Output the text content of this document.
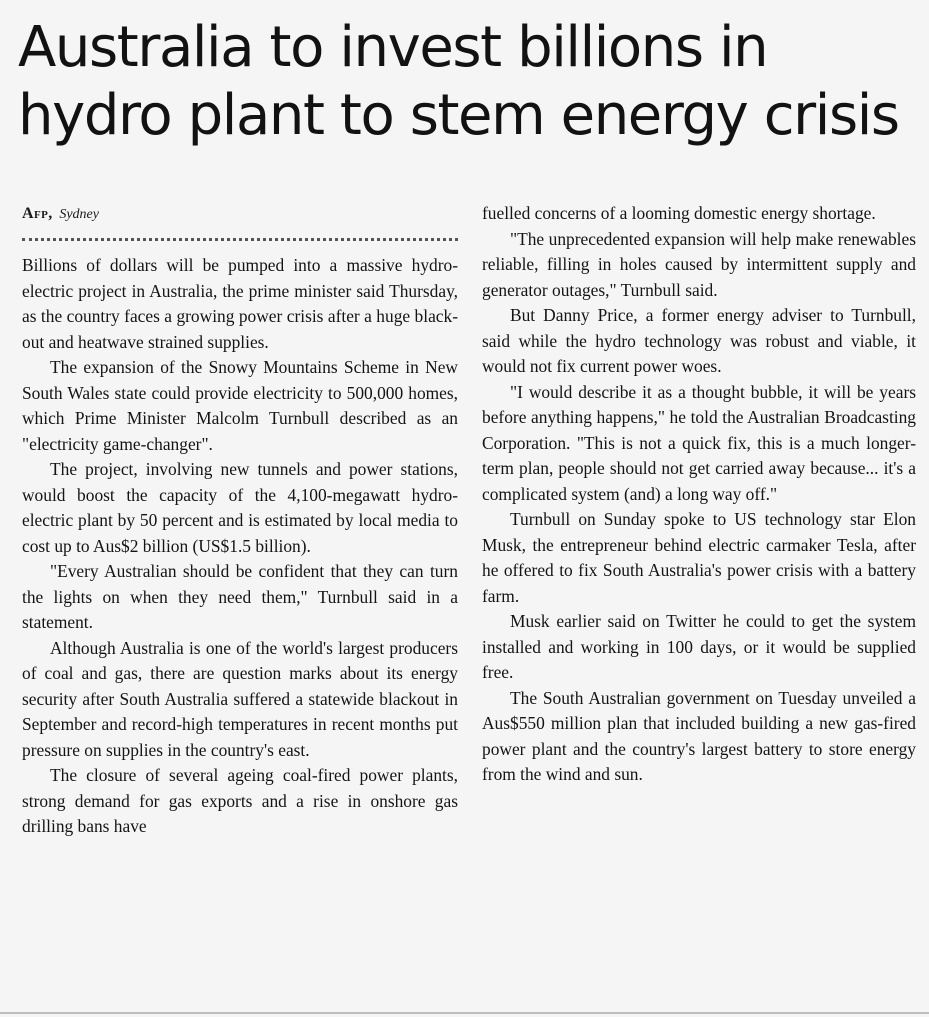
Australia to invest billions in hydro plant to stem energy crisis
Afp, Sydney

Billions of dollars will be pumped into a massive hydro-electric project in Australia, the prime minister said Thursday, as the country faces a growing power crisis after a huge blackout and heatwave strained supplies.

The expansion of the Snowy Mountains Scheme in New South Wales state could provide electricity to 500,000 homes, which Prime Minister Malcolm Turnbull described as an "electricity game-changer".

The project, involving new tunnels and power stations, would boost the capacity of the 4,100-megawatt hydro-electric plant by 50 percent and is estimated by local media to cost up to Aus$2 billion (US$1.5 billion).

"Every Australian should be confident that they can turn the lights on when they need them," Turnbull said in a statement.

Although Australia is one of the world's largest producers of coal and gas, there are question marks about its energy security after South Australia suffered a statewide blackout in September and record-high temperatures in recent months put pressure on supplies in the country's east.

The closure of several ageing coal-fired power plants, strong demand for gas exports and a rise in onshore gas drilling bans have

fuelled concerns of a looming domestic energy shortage.

"The unprecedented expansion will help make renewables reliable, filling in holes caused by intermittent supply and generator outages," Turnbull said.

But Danny Price, a former energy adviser to Turnbull, said while the hydro technology was robust and viable, it would not fix current power woes.

"I would describe it as a thought bubble, it will be years before anything happens," he told the Australian Broadcasting Corporation. "This is not a quick fix, this is a much longer-term plan, people should not get carried away because... it's a complicated system (and) a long way off."

Turnbull on Sunday spoke to US technology star Elon Musk, the entrepreneur behind electric carmaker Tesla, after he offered to fix South Australia's power crisis with a battery farm.

Musk earlier said on Twitter he could to get the system installed and working in 100 days, or it would be supplied free.

The South Australian government on Tuesday unveiled a Aus$550 million plan that included building a new gas-fired power plant and the country's largest battery to store energy from the wind and sun.
